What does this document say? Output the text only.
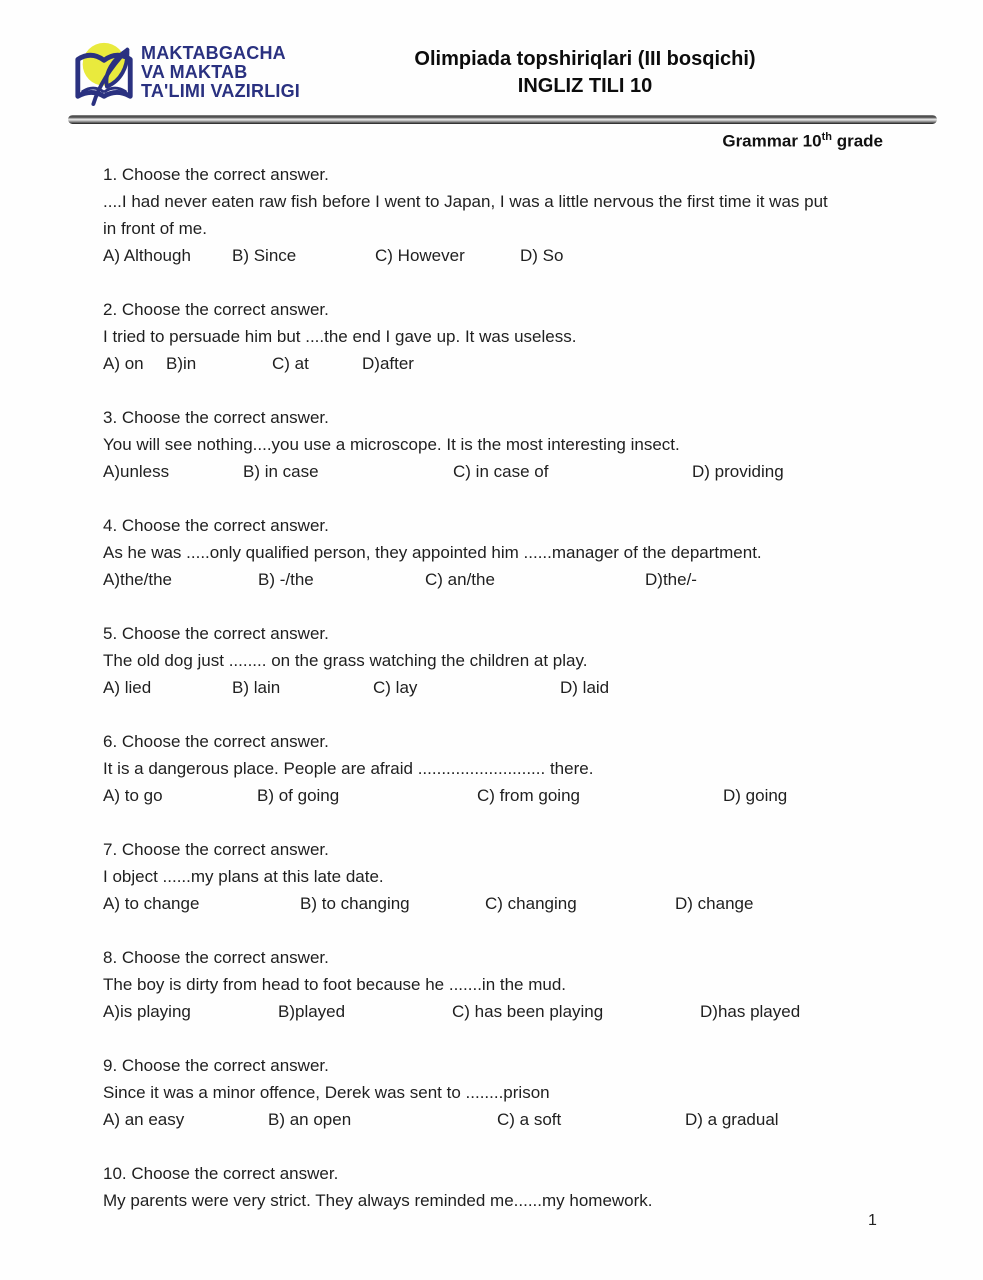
MAKTABGACHA
VA MAKTAB
TA'LIMI VAZIRLIGI
Olimpiada topshiriqlari (III bosqichi)
INGLIZ TILI 10
Grammar 10th grade
1. Choose the correct answer.
....I had never eaten raw fish before I went to Japan, I was a little nervous the first time it was put
in front of me.
A) Although B) Since	C) However	D) So
2. Choose the correct answer.
I tried to persuade him but ....the end I gave up. It was useless.
A) on B)in	C) at	D)after
3. Choose the correct answer.
You will see nothing....you use a microscope. It is the most interesting insect.
A)unless	B) in case	C) in case of	D) providing
4. Choose the correct answer.
As he was .....only qualified person, they appointed him ......manager of the department.
A)the/the	B) -/the	C) an/the	D)the/-
5. Choose the correct answer.
The old dog just ........ on the grass watching the children at play.
A) lied	B) lain	C) lay	D) laid
6. Choose the correct answer.
It is a dangerous place. People are afraid ........................... there.
A) to go	B) of going	C) from going	D) going
7. Choose the correct answer.
I object ......my plans at this late date.
A) to change	B) to changing	C) changing	D) change
8. Choose the correct answer.
The boy is dirty from head to foot because he .......in the mud.
A)is playing	B)played	C) has been playing	D)has played
9. Choose the correct answer.
Since it was a minor offence, Derek was sent to ........prison
A) an easy	B) an open	C) a soft	D) a gradual
10. Choose the correct answer.
My parents were very strict. They always reminded me......my homework.
1
